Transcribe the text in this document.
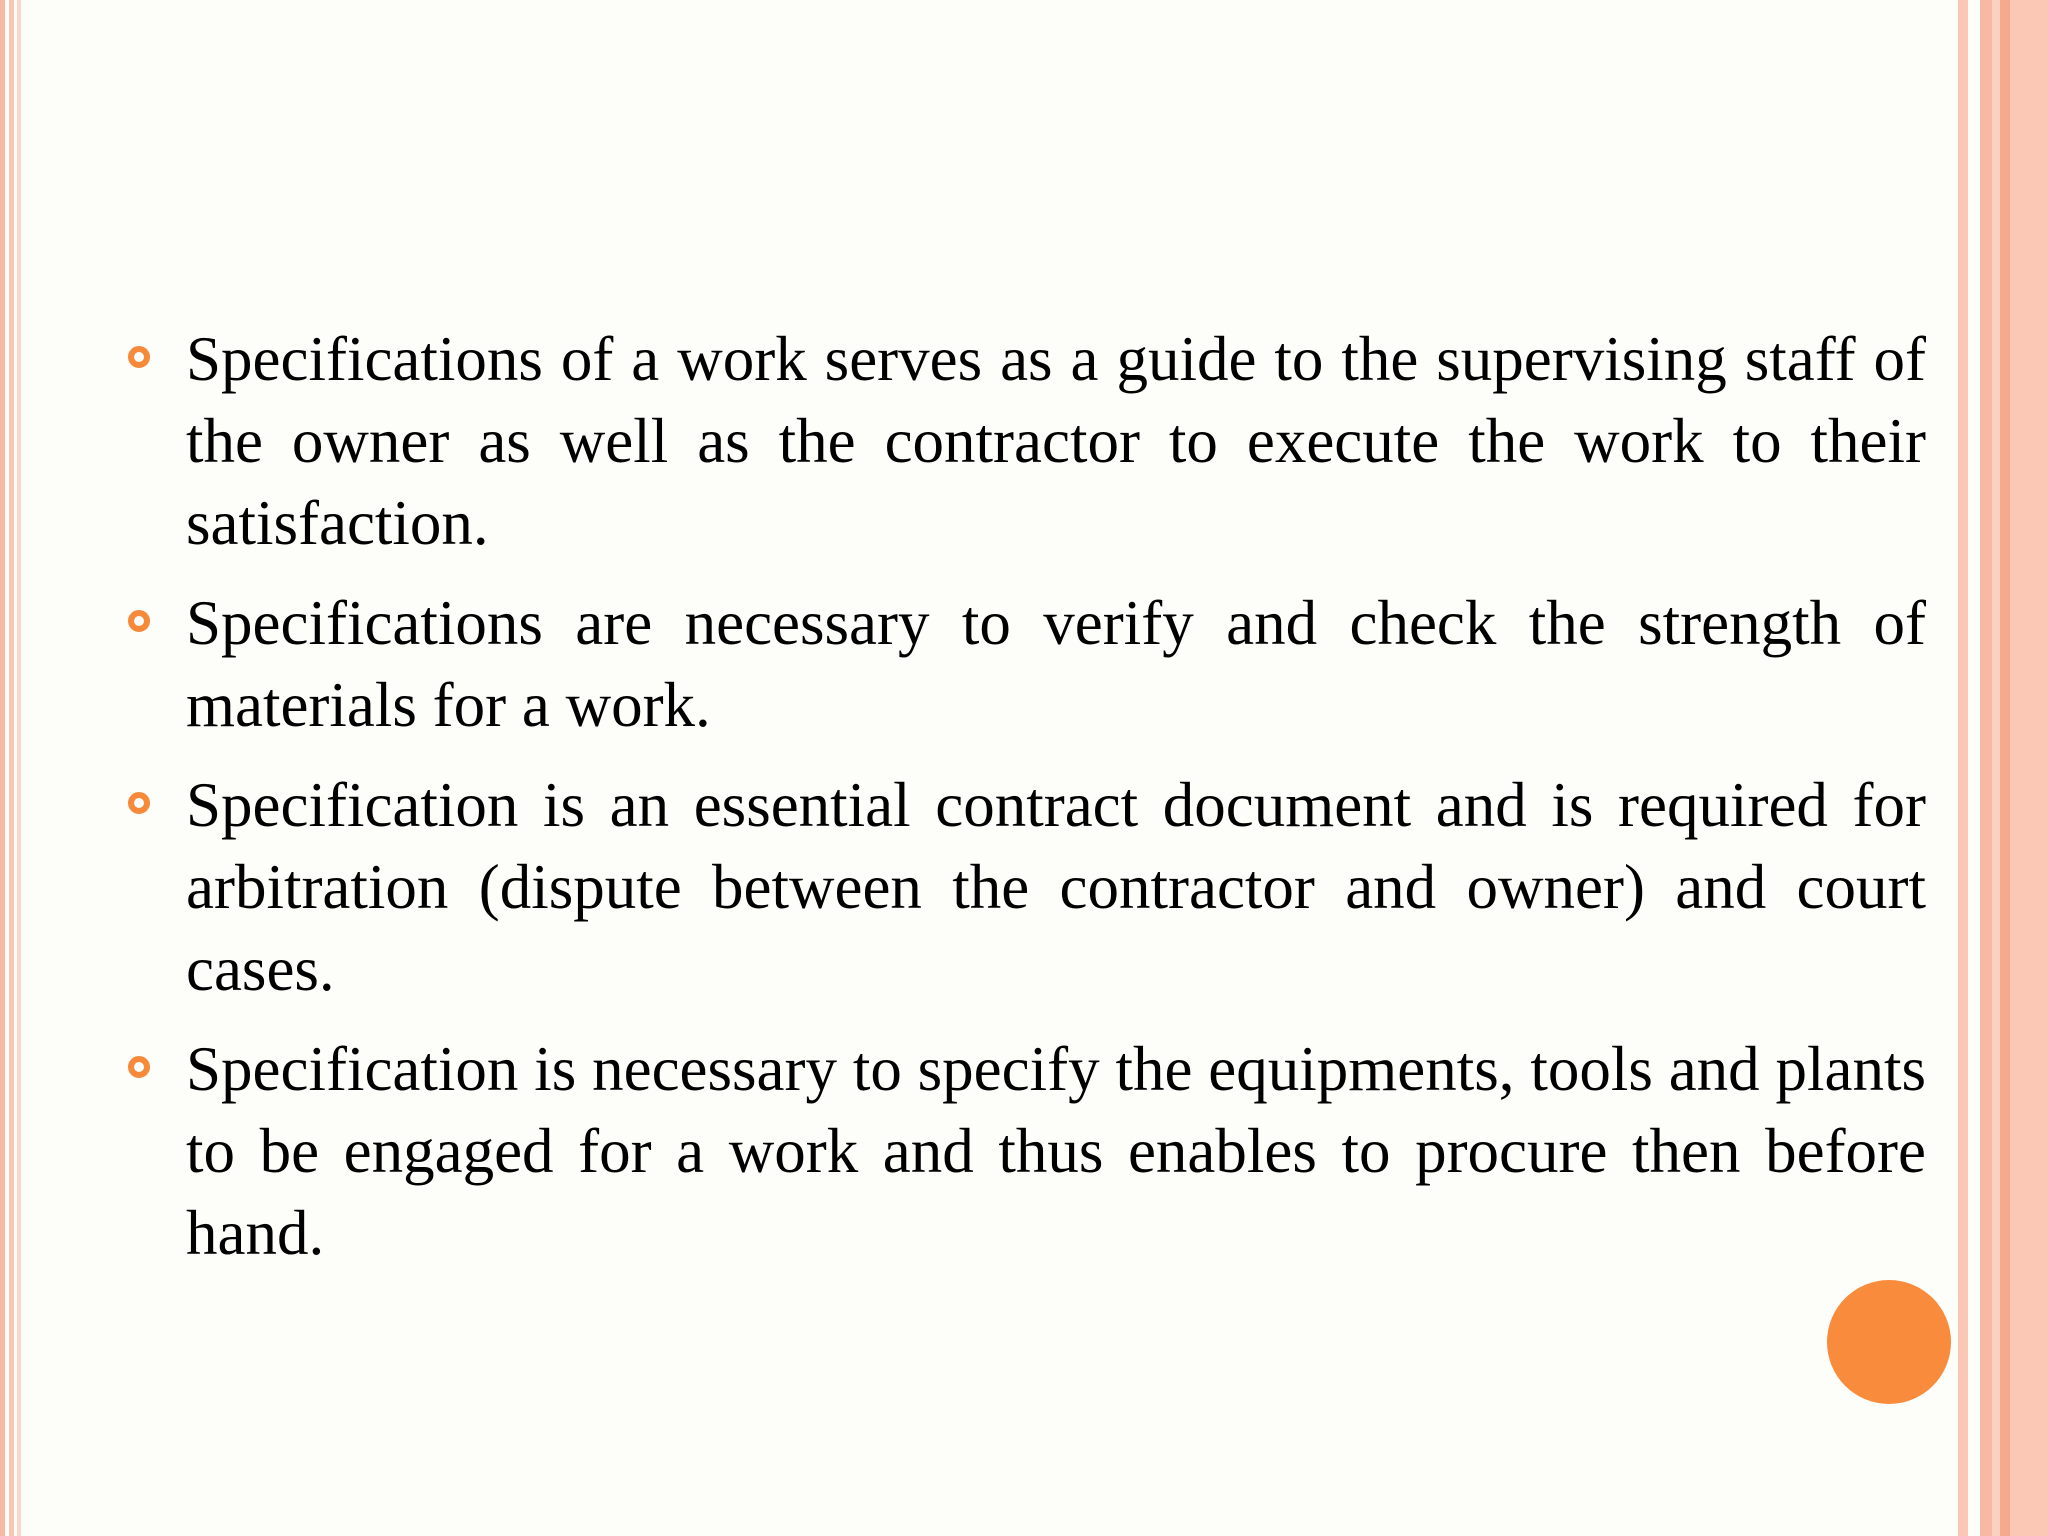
Specifications of a work serves as a guide to the supervising staff of the owner as well as the contractor to execute the work to their satisfaction.
Specifications are necessary to verify and check the strength of materials for a work.
Specification is an essential contract document and is required for arbitration (dispute between the contractor and owner) and court cases.
Specification is necessary to specify the equipments, tools and plants to be engaged for a work and thus enables to procure then before hand.
